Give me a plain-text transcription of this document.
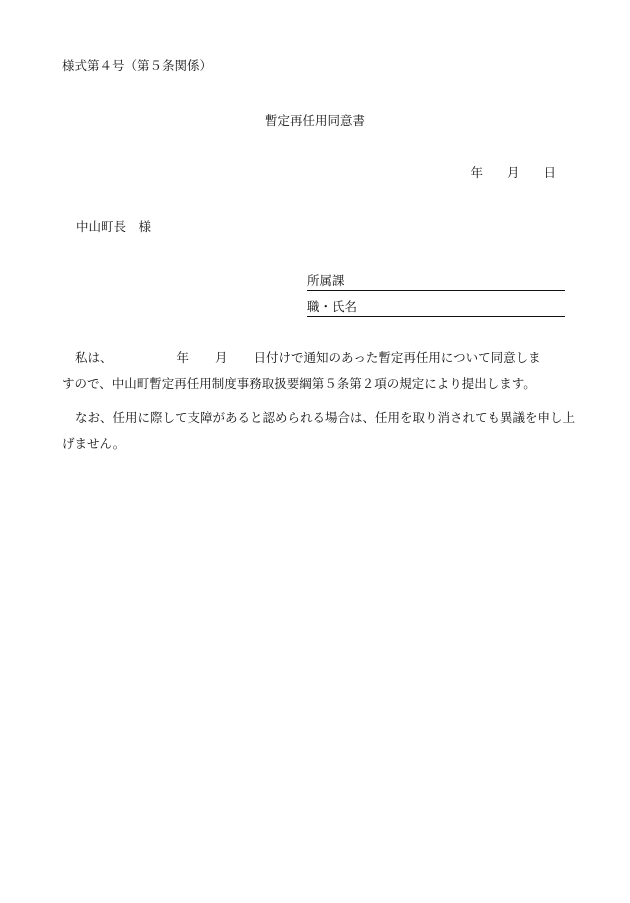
様式第４号（第５条関係）
暫定再任用同意書
年 月 日
中山町長　様
所属課
職・氏名
私は、	年 月 日付けで通知のあった暫定再任用について同意しま
すので、中山町暫定再任用制度事務取扱要綱第５条第２項の規定により提出します。
なお、任用に際して支障があると認められる場合は、任用を取り消されても異議を申し上げません。
